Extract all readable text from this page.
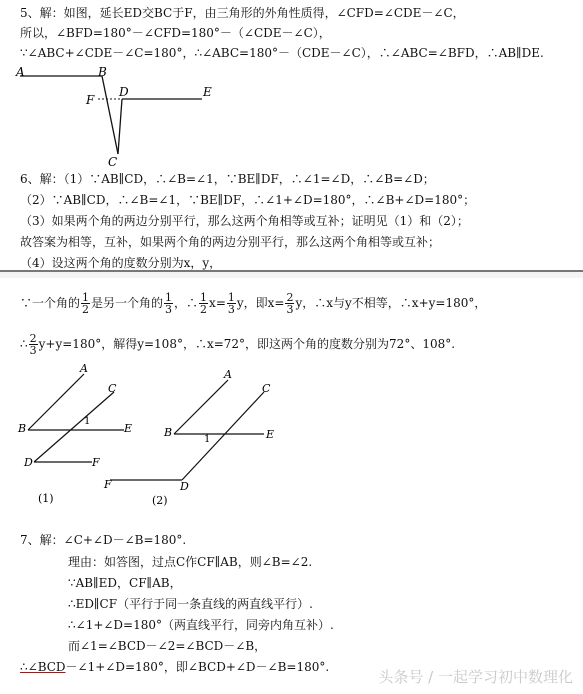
5、解：如图，延长ED交BC于F，由三角形的外角性质得，∠CFD=∠CDE－∠C，
所以，∠BFD=180°－∠CFD=180°－（∠CDE－∠C），
∵∠ABC+∠CDE－∠C=180°，∴∠ABC=180°－（CDE－∠C），∴∠ABC=∠BFD，∴AB∥DE.
A	B
F
D	E
C
6、解：（1）∵AB∥CD，∴∠B=∠1，∵BE∥DF，∴∠1=∠D，∴∠B=∠D；
（2）∵AB∥CD，∴∠B=∠1，∵BE∥DF，∴∠1+∠D=180°，∴∠B+∠D=180°；
（3）如果两个角的两边分别平行，那么这两个角相等或互补；证明见（1）和（2）；
故答案为相等，互补，如果两个角的两边分别平行，那么这两个角相等或互补；
（4）设这两个角的度数分别为x，y，
∵一个角的 $\frac{1}{2}$ 是另一个角的 $\frac{1}{3}$ ，∴ $\frac{1}{2} x= \frac{1}{3}$ y，即$x= \frac{2}{3}$ y，∴x与y不相等，∴x+y=180°，
∴ $\frac{2}{3} y+y=180^\circ$，解得y=108°，∴x=72°，即这两个角的度数分别为72°、108°.
A
C
B
1
E
D	F
(1)
A
C
B
1	E
F	D
(2)
7、解：∠C+∠D－∠B=180°.
理由：如答图，过点C作CF∥AB，则∠B=∠2.
∵AB∥ED，CF∥AB，
∴ED∥CF（平行于同一条直线的两直线平行）.
∴∠1+∠D=180°（两直线平行，同旁内角互补）.
而∠1=∠BCD－∠2=∠BCD－∠B，
∴∠BCD－∠1+∠D=180°，即∠BCD+∠D－∠B=180°.
头条号 / 一起学习初中数理化
